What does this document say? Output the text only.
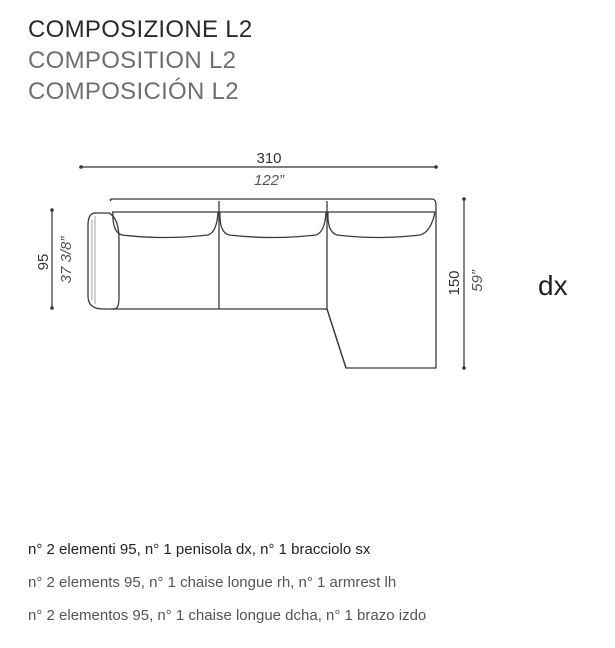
COMPOSIZIONE L2
COMPOSITION L2
COMPOSICIÓN L2
310
122”
95 37 3/8”	150 59” dx

n° 2 elementi 95, n° 1 penisola dx, n° 1 bracciolo sx

n° 2 elements 95, n° 1 chaise longue rh, n° 1 armrest lh

n° 2 elementos 95, n° 1 chaise longue dcha, n° 1 brazo izdo
